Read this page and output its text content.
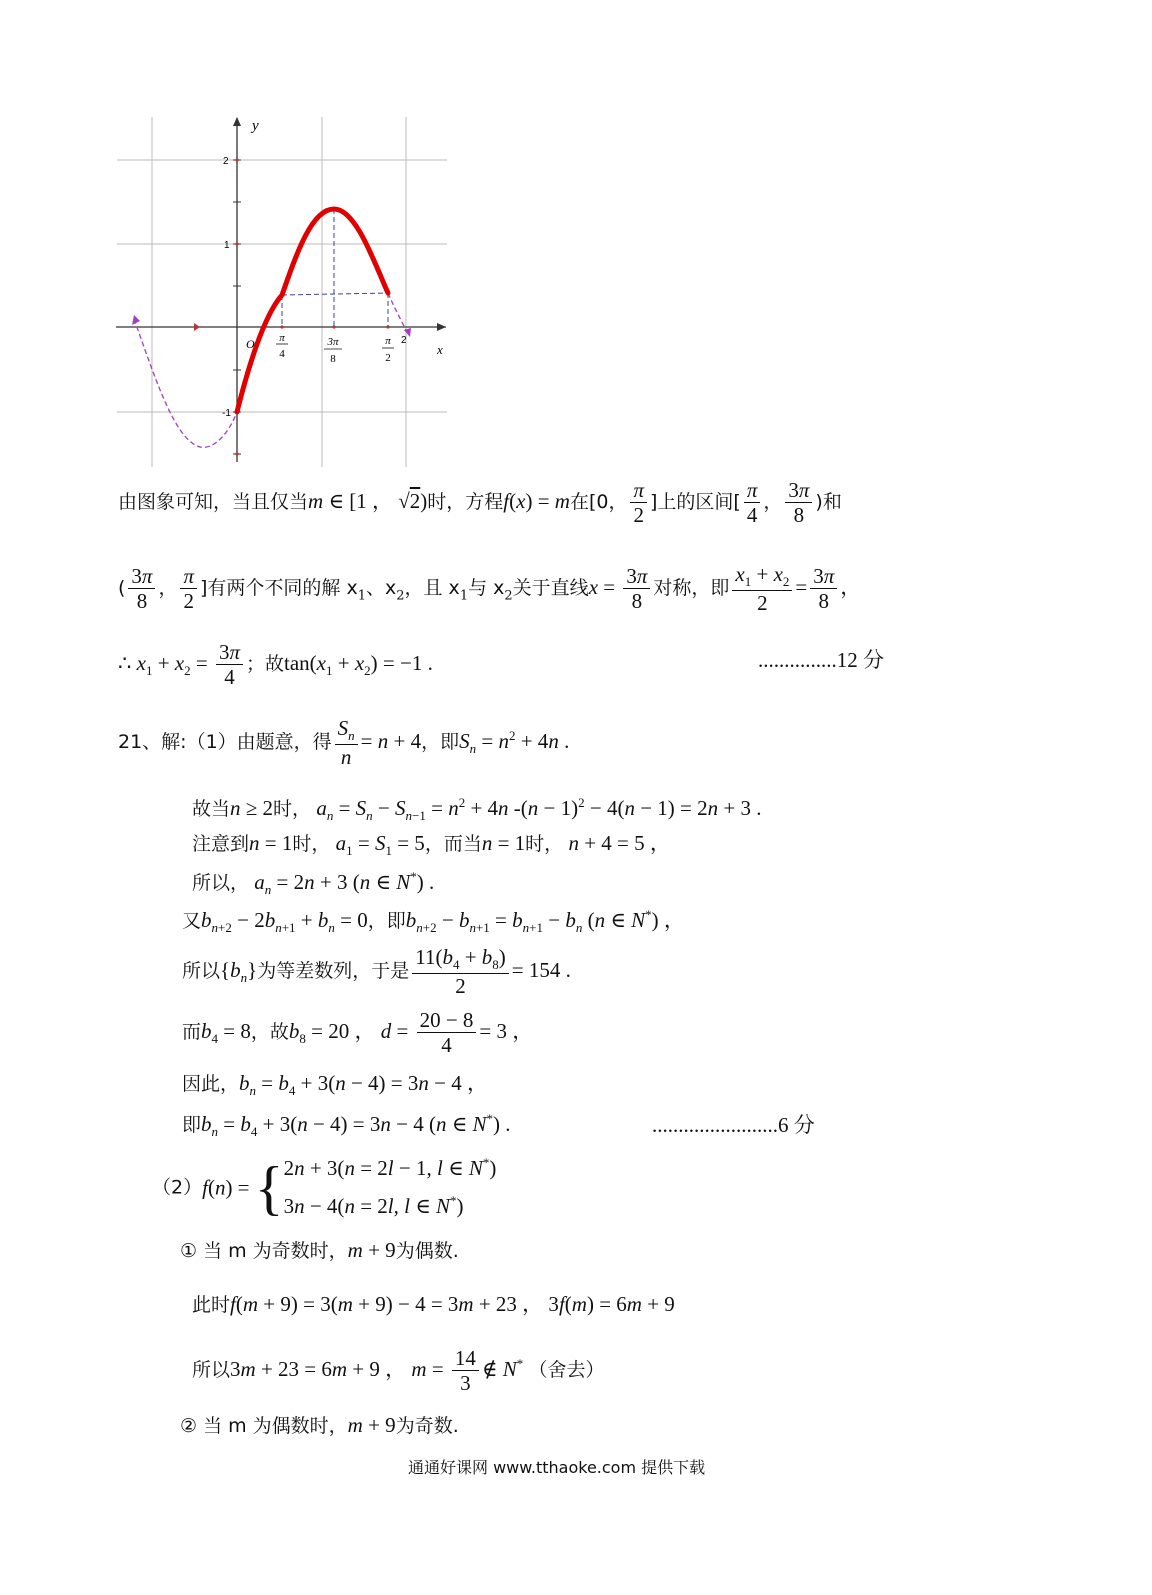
y
x
O
2
1
-1
2
π
4
3π
8
π
2
由图象可知，当且仅当m ∈ [1 ， √2)时，方程f(x) = m在[0， $\frac{\pi}{2}$ ]上的区间[ $\frac{\pi}{4}$ ， $\frac{3\pi}{8}$ )和
( $\frac{3\pi}{8}$ ， $\frac{\pi}{2}$ ]有两个不同的解 $x_1$、$x_2$，且 $x_1$与 $x_2$关于直线$x = \frac{3\pi}{8}$ 对称，即 $\frac{x_1 + x_2}{2} = \frac{3\pi}{8}$ ，
∴ $x_1 + x_2 = \frac{3\pi}{4}$ ；故$\tan(x_1 + x_2) = -1$ .	...............12 分
21、解:（1）由题意，得 $\frac{S_n}{n} = n + 4$，即$S_n = n^2 + 4n$ .
故当n ≥ 2时， $a_n = S_n - S_{n-1} = n^2 + 4n$ $-(n - 1)^2 - 4(n - 1) = 2n + 3$ .
注意到n = 1时， $a_1 = S_1 = 5$，而当n = 1时， n + 4 = 5 ，
所以， $a_n = 2n + 3$ (n ∈ N*) .
又$b_{n+2} - 2b_{n+1} + b_n = 0$，即$b_{n+2} - b_{n+1} = b_{n+1} - b_n$ (n ∈ N*) ，
所以$\{b_n\}$为等差数列，于是 $\frac{11(b_4 + b_8)}{2} = 154$ .
而$b_4 = 8$，故$b_8 = 20$ ， $d = \frac{20 - 8}{4} = 3$ ，
因此，$b_n = b_4 + 3(n - 4) = 3n - 4$ ，
即$b_n = b_4 + 3(n - 4) = 3n - 4$ (n ∈ N*) .	........................6 分
（2）f(n) = { 2n + 3(n = 2l − 1, l ∈ N*)
3n − 4(n = 2l, l ∈ N*)
① 当 m 为奇数时，m + 9为偶数.
此时f(m + 9) = 3(m + 9) − 4 = 3m + 23 ， 3f(m) = 6m + 9
所以3m + 23 = 6m + 9 ， $m = \frac{14}{3}$ ∉ N* （舍去）
② 当 m 为偶数时，m + 9为奇数.
通通好课网 www.tthaoke.com 提供下载
